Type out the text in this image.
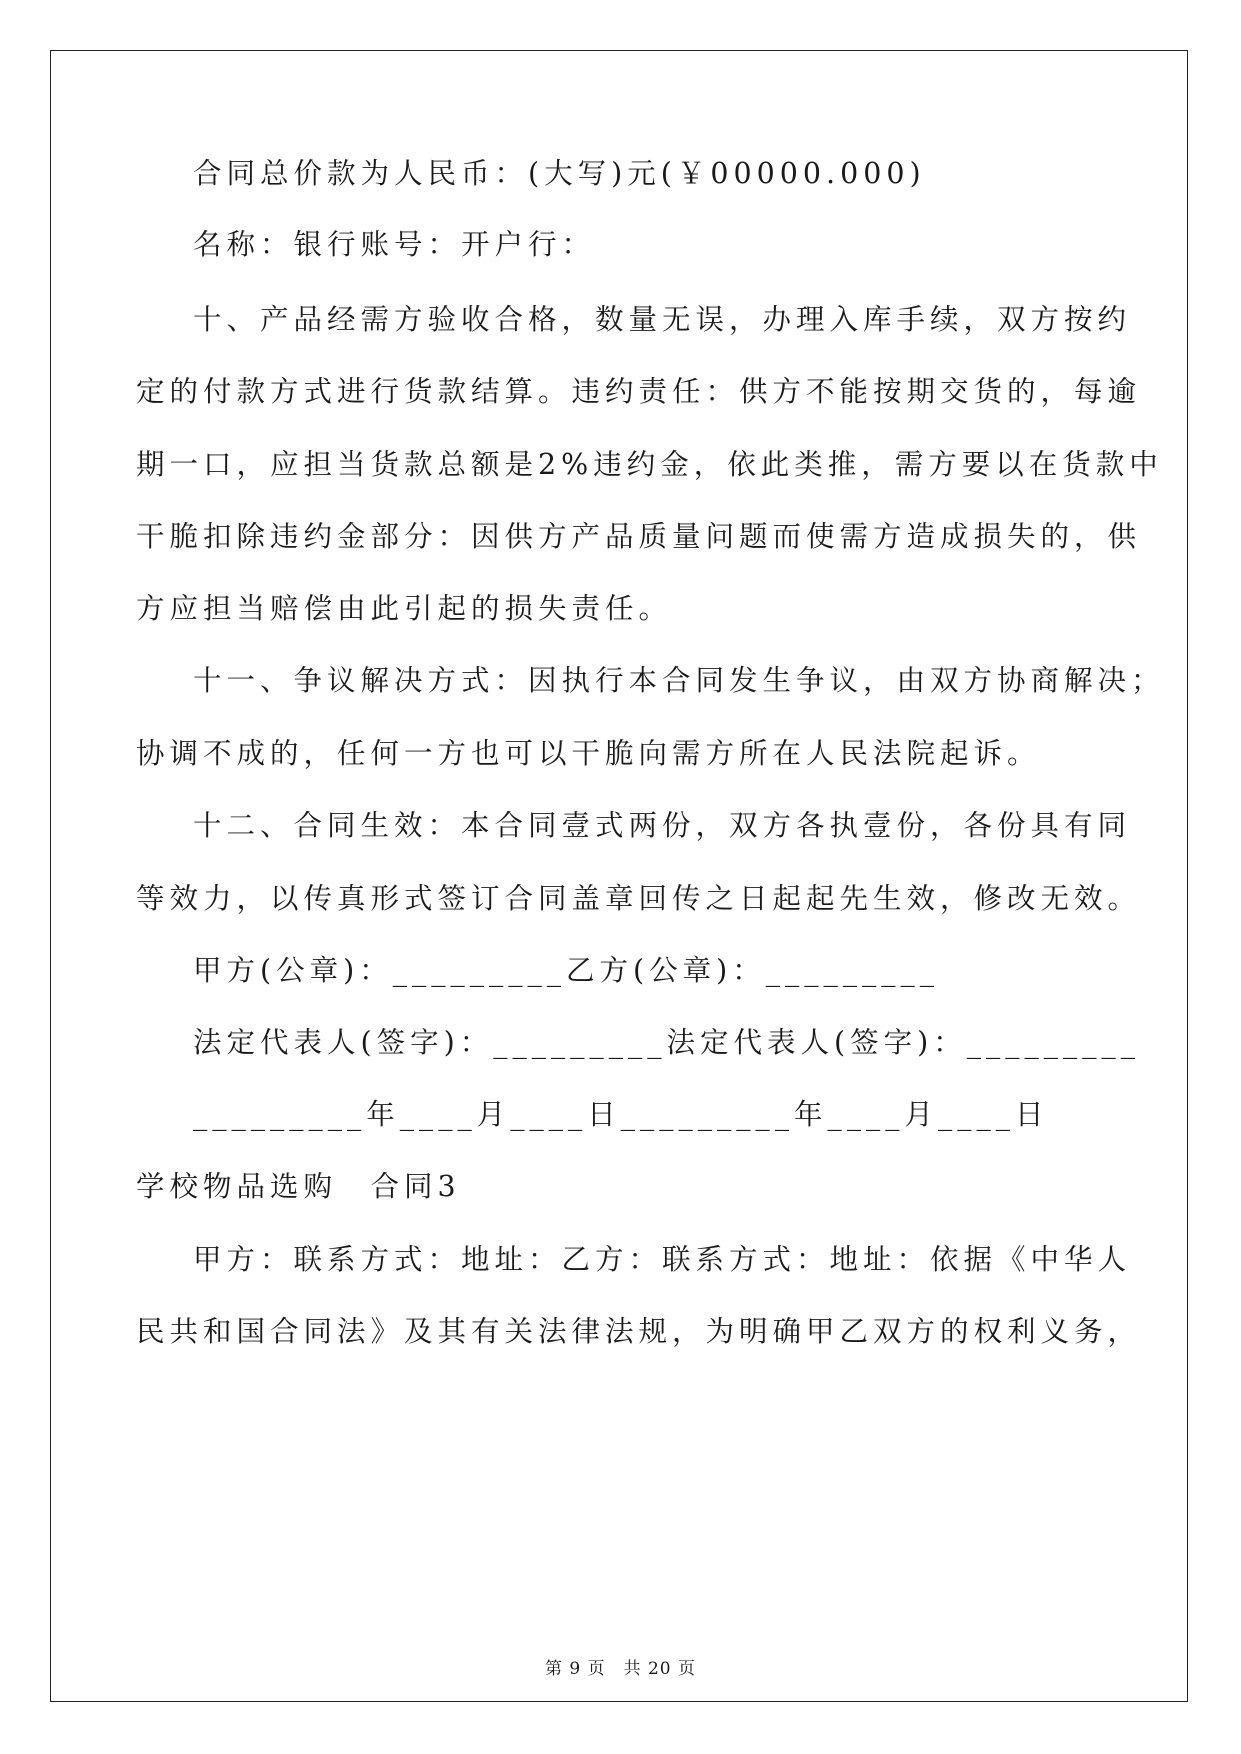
合同总价款为人民币：(大写)元(￥00000.000)
名称：银行账号：开户行：
十、产品经需方验收合格，数量无误，办理入库手续，双方按约
定的付款方式进行货款结算。违约责任：供方不能按期交货的，每逾
期一口，应担当货款总额是2%违约金，依此类推，需方要以在货款中
干脆扣除违约金部分：因供方产品质量问题而使需方造成损失的，供
方应担当赔偿由此引起的损失责任。
十一、争议解决方式：因执行本合同发生争议，由双方协商解决；
协调不成的，任何一方也可以干脆向需方所在人民法院起诉。
十二、合同生效：本合同壹式两份，双方各执壹份，各份具有同
等效力，以传真形式签订合同盖章回传之日起起先生效，修改无效。
甲方(公章)：_________乙方(公章)：_________
法定代表人(签字)：_________法定代表人(签字)：_________
_________年____月____日_________年____月____日
学校物品选购　合同3
甲方：联系方式：地址：乙方：联系方式：地址：依据《中华人
民共和国合同法》及其有关法律法规，为明确甲乙双方的权利义务，
第 9 页　共 20 页
